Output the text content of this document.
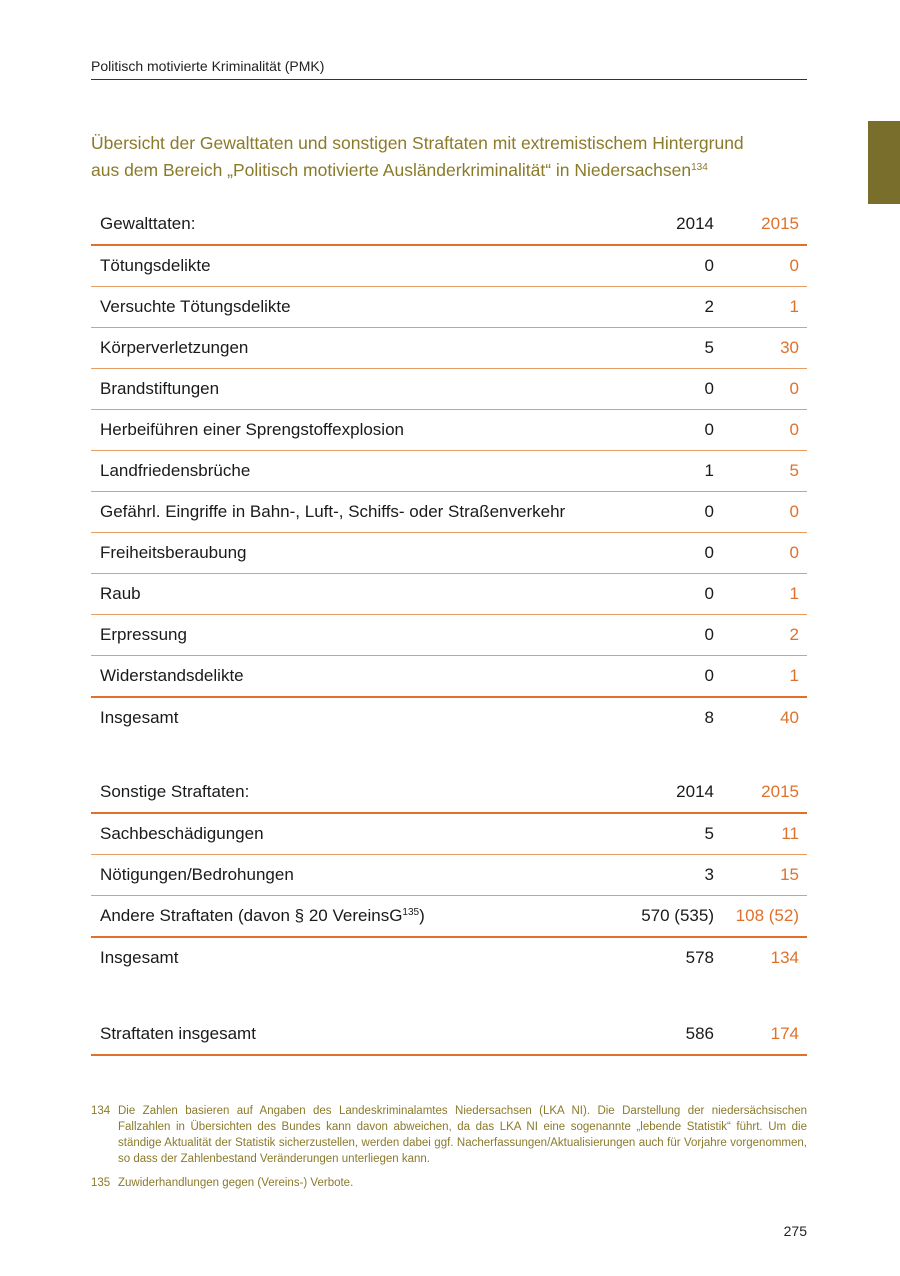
Politisch motivierte Kriminalität (PMK)
Übersicht der Gewalttaten und sonstigen Straftaten mit extremistischem Hintergrund
aus dem Bereich „Politisch motivierte Ausländerkriminalität“ in Niedersachsen$^{134}$
Gewalttaten:	2014	2015
Tötungsdelikte	0	0
Versuchte Tötungsdelikte	2	1
Körperverletzungen	5	30
Brandstiftungen	0	0
Herbeiführen einer Sprengstoffexplosion	0	0
Landfriedensbrüche	1	5
Gefährl. Eingriffe in Bahn-, Luft-, Schiffs- oder Straßenverkehr	0	0
Freiheitsberaubung	0	0
Raub	0	1
Erpressung	0	2
Widerstandsdelikte	0	1
Insgesamt	8	40
Sonstige Straftaten:	2014	2015
Sachbeschädigungen	5	11
Nötigungen/Bedrohungen	3	15
Andere Straftaten (davon § 20 VereinsG$^{135}$)	570 (535)	108 (52)
Insgesamt	578	134
Straftaten insgesamt	586	174
134 Die Zahlen basieren auf Angaben des Landeskriminalamtes Niedersachsen (LKA NI). Die Darstellung der niedersächsischen Fallzahlen in Übersichten des Bundes kann davon abweichen, da das LKA NI eine sogenannte „lebende Statistik“ führt. Um die ständige Aktualität der Statistik sicherzustellen, werden dabei ggf. Nacherfassungen/Aktualisierungen auch für Vorjahre vorgenommen, so dass der Zahlenbestand Veränderungen unterliegen kann.
135 Zuwiderhandlungen gegen (Vereins-) Verbote.
275
